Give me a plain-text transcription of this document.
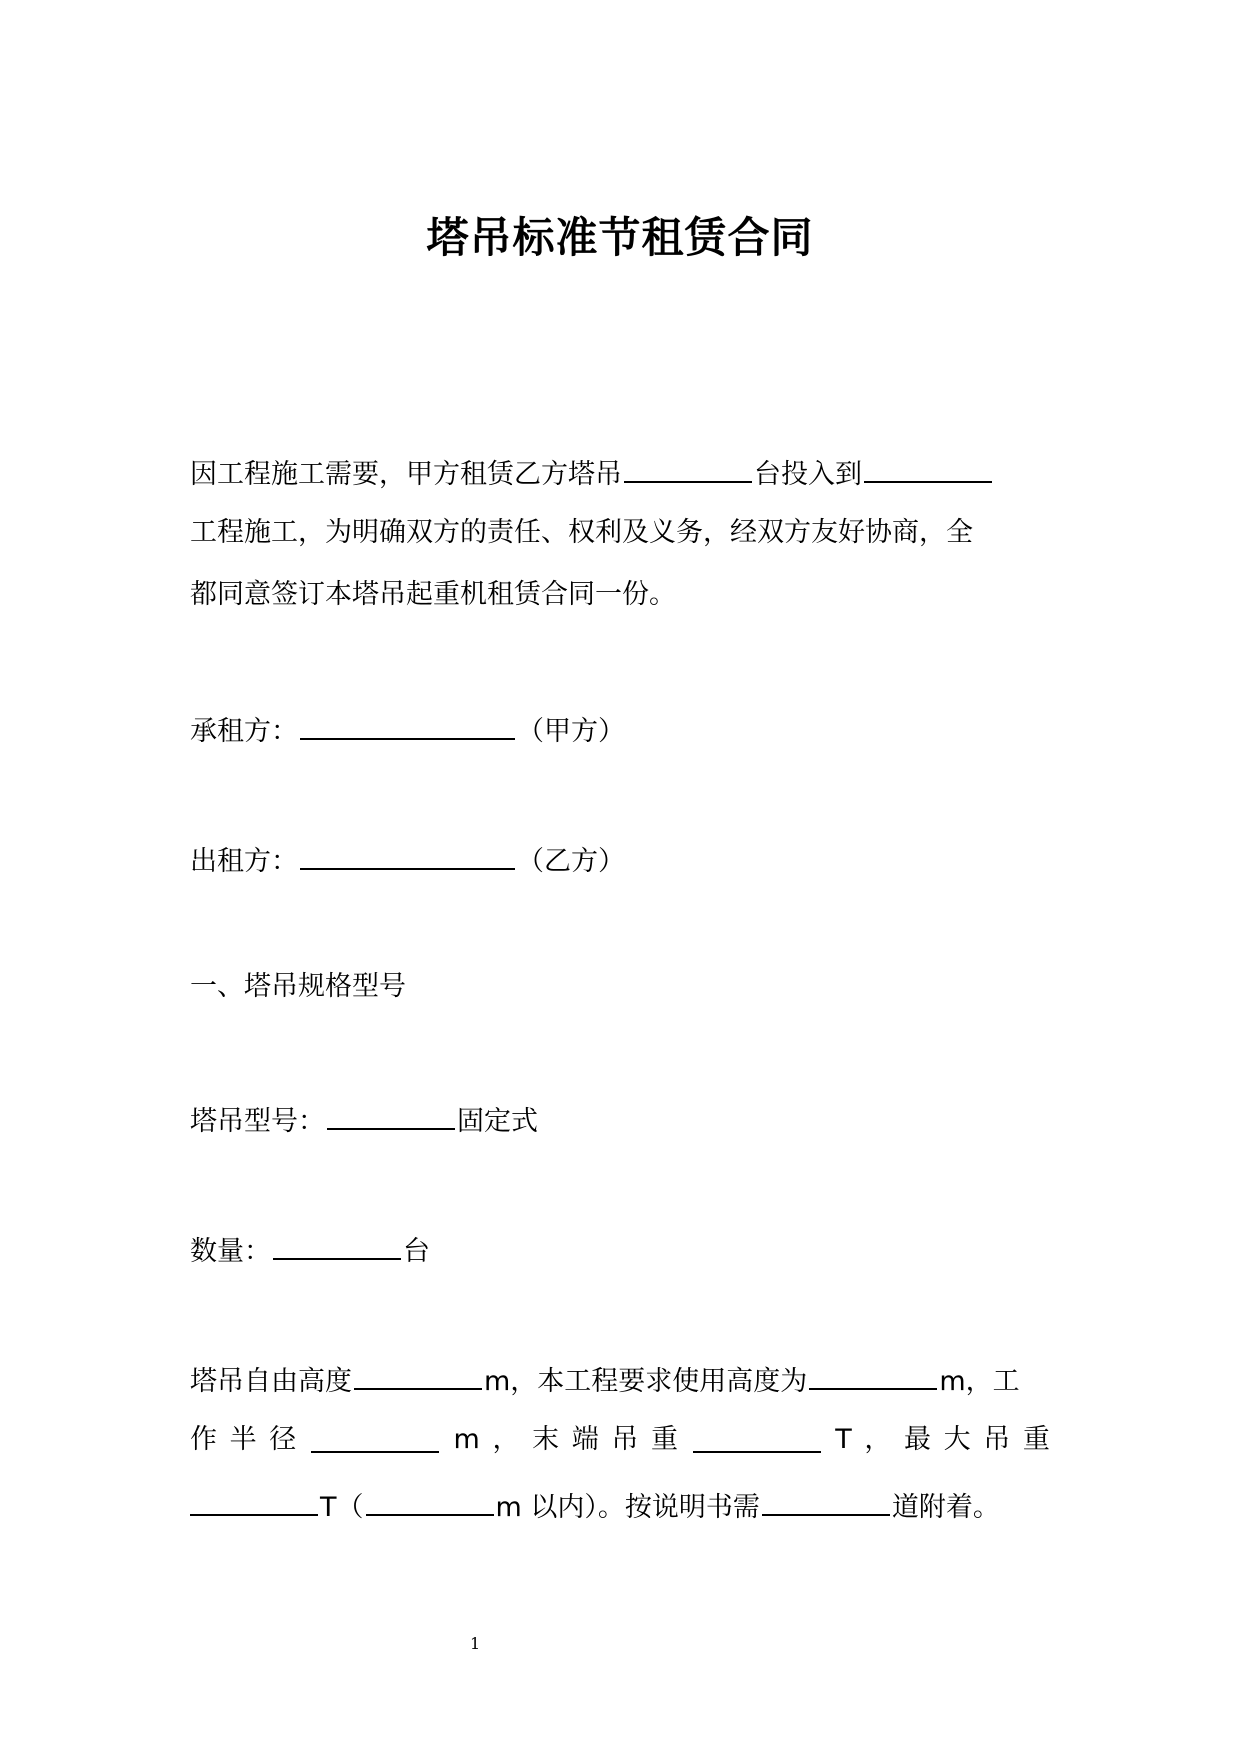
塔吊标准节租赁合同
因工程施工需要，甲方租赁乙方塔吊	台投入到
工程施工，为明确双方的责任、权利及义务，经双方友好协商，全
都同意签订本塔吊起重机租赁合同一份。
承租方：	（甲方）
出租方：	（乙方）
一、塔吊规格型号
塔吊型号：	固定式
数量：	台
塔吊自由高度	m，本工程要求使用高度为	m，工
作 半 径	m ， 末 端 吊 重	T ， 最 大 吊 重
T（	m 以内）。按说明书需	道附着。
1
